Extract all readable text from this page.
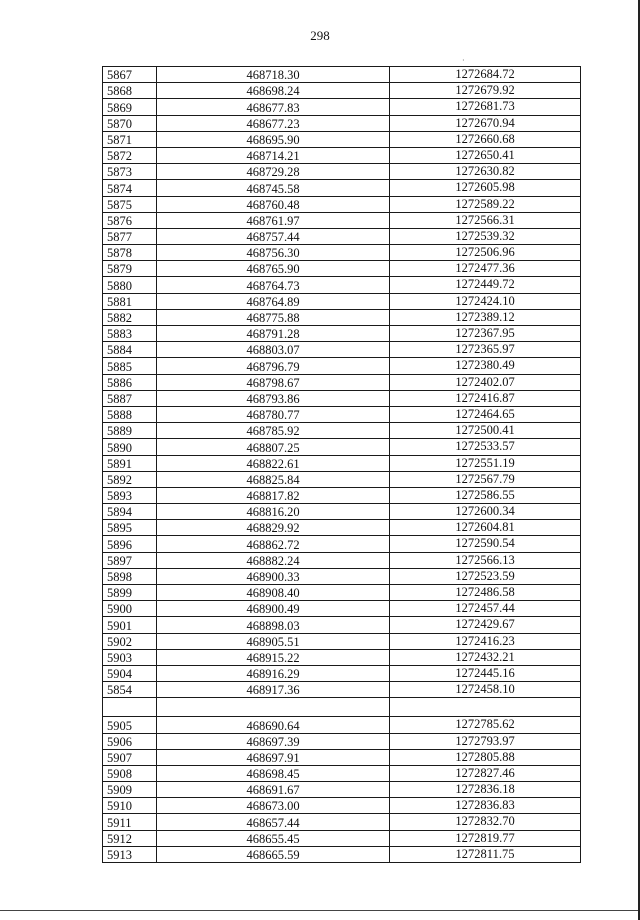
298
·
5867	468718.30	1272684.72
5868	468698.24	1272679.92
5869	468677.83	1272681.73
5870	468677.23	1272670.94
5871	468695.90	1272660.68
5872	468714.21	1272650.41
5873	468729.28	1272630.82
5874	468745.58	1272605.98
5875	468760.48	1272589.22
5876	468761.97	1272566.31
5877	468757.44	1272539.32
5878	468756.30	1272506.96
5879	468765.90	1272477.36
5880	468764.73	1272449.72
5881	468764.89	1272424.10
5882	468775.88	1272389.12
5883	468791.28	1272367.95
5884	468803.07	1272365.97
5885	468796.79	1272380.49
5886	468798.67	1272402.07
5887	468793.86	1272416.87
5888	468780.77	1272464.65
5889	468785.92	1272500.41
5890	468807.25	1272533.57
5891	468822.61	1272551.19
5892	468825.84	1272567.79
5893	468817.82	1272586.55
5894	468816.20	1272600.34
5895	468829.92	1272604.81
5896	468862.72	1272590.54
5897	468882.24	1272566.13
5898	468900.33	1272523.59
5899	468908.40	1272486.58
5900	468900.49	1272457.44
5901	468898.03	1272429.67
5902	468905.51	1272416.23
5903	468915.22	1272432.21
5904	468916.29	1272445.16
5854	468917.36	1272458.10

5905	468690.64	1272785.62
5906	468697.39	1272793.97
5907	468697.91	1272805.88
5908	468698.45	1272827.46
5909	468691.67	1272836.18
5910	468673.00	1272836.83
5911	468657.44	1272832.70
5912	468655.45	1272819.77
5913	468665.59	1272811.75
